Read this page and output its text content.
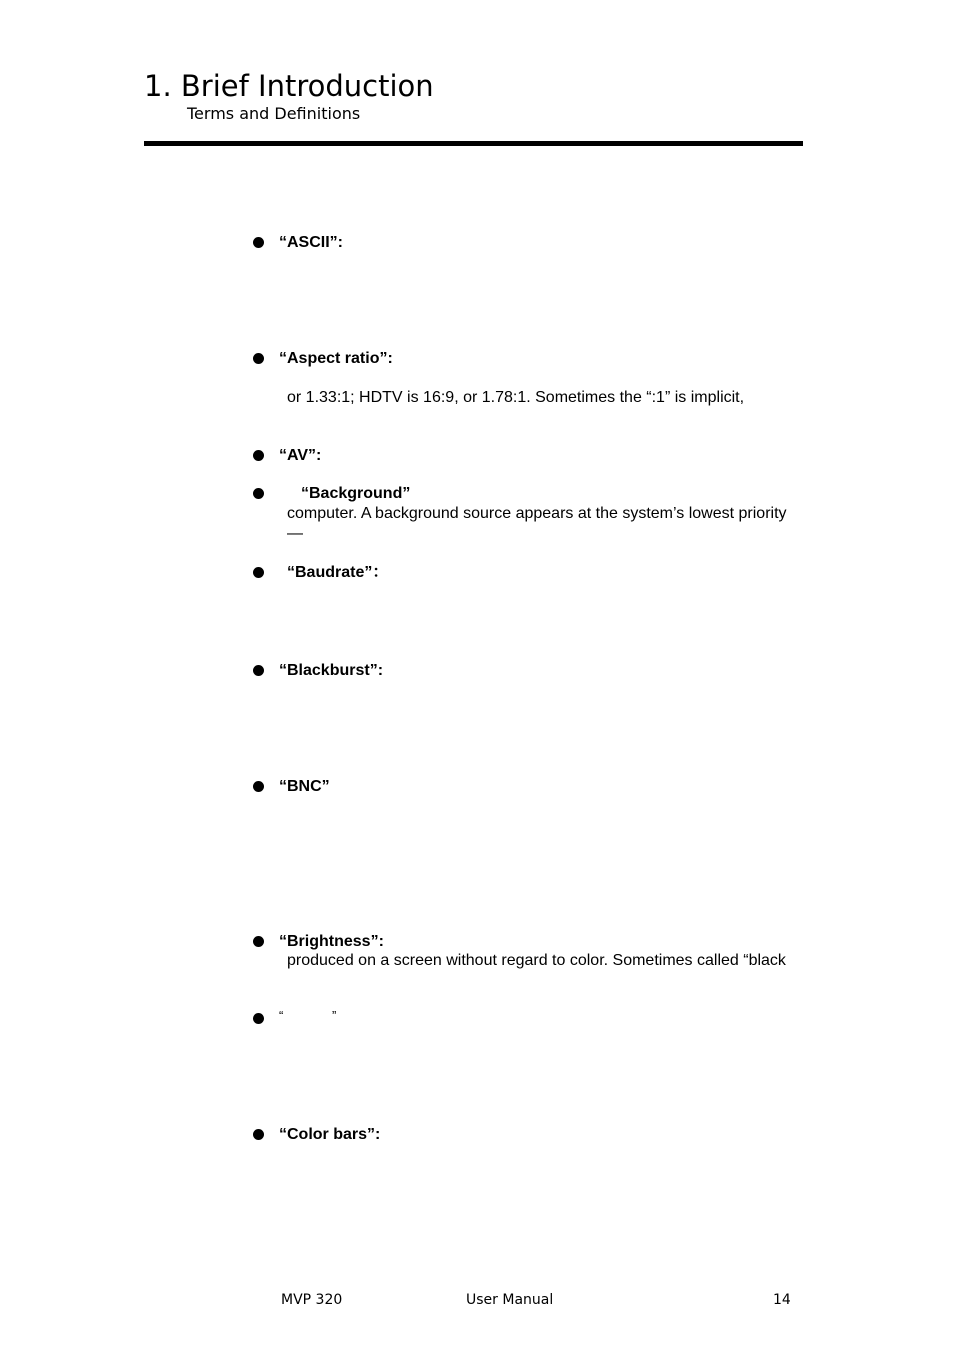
1. Brief Introduction
Terms and Definitions
“ASCII”:
“Aspect ratio”:
or 1.33:1; HDTV is 16:9, or 1.78:1. Sometimes the “:1” is implicit,
“AV”:
“Background”
computer. A background source appears at the system’s lowest priority
—
“Baudrate”：
“Blackburst”:
“BNC”
“Brightness”:
produced on a screen without regard to color. Sometimes called “black
“	”
“Color bars”:
MVP 320	User Manual	14
